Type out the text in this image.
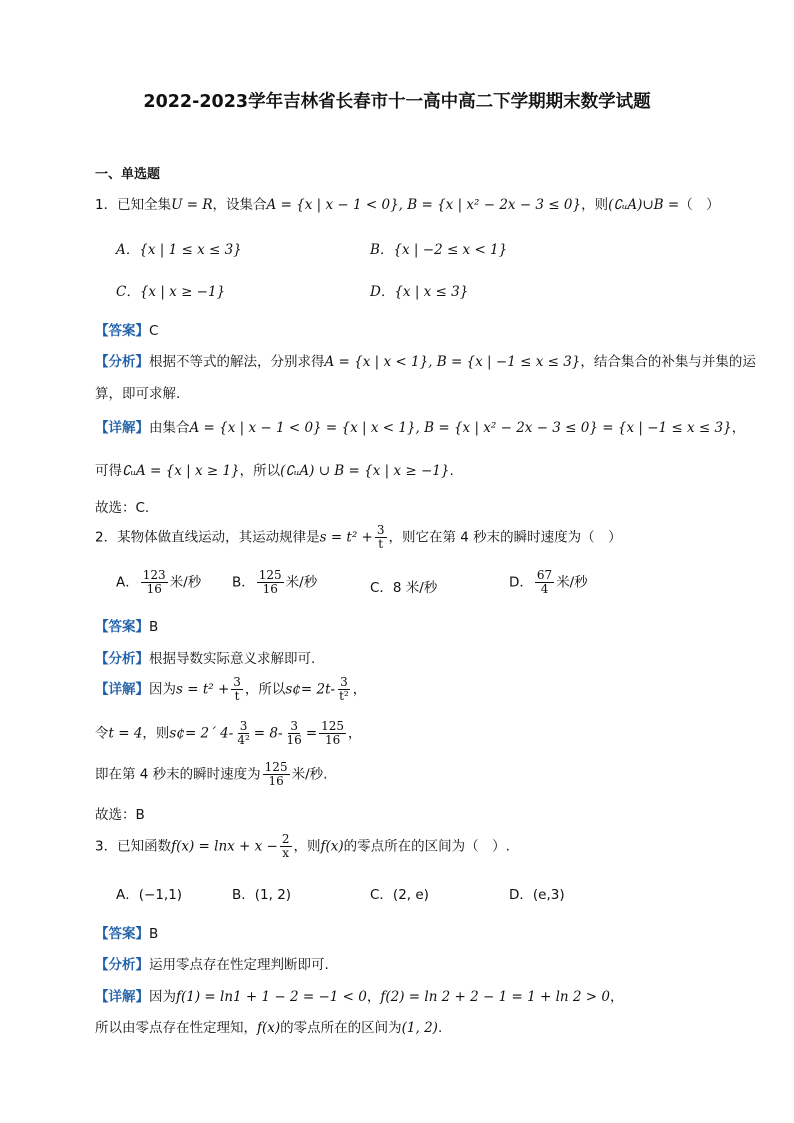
2022-2023学年吉林省长春市十一高中高二下学期期末数学试题
一、单选题
1．已知全集U = R，设集合A = {x | x − 1 < 0}, B = {x | x² − 2x − 3 ≤ 0}，则(∁ᵤA)∪B =（　）
A．{x | 1 ≤ x ≤ 3}	B．{x | −2 ≤ x < 1}
C．{x | x ≥ −1}	D．{x | x ≤ 3}
【答案】C
【分析】根据不等式的解法，分别求得A = {x | x < 1}, B = {x | −1 ≤ x ≤ 3}，结合集合的补集与并集的运
算，即可求解.
【详解】由集合A = {x | x − 1 < 0} = {x | x < 1}, B = {x | x² − 2x − 3 ≤ 0} = {x | −1 ≤ x ≤ 3}，
可得∁ᵤA = {x | x ≥ 1}，所以(∁ᵤA) ∪ B = {x | x ≥ −1}.
故选：C.
2．某物体做直线运动，其运动规律是$s = t^2 + \frac{3}{t}$ ，则它在第 4 秒末的瞬时速度为（　）
A． $\frac{123}{16}$ 米/秒 B． $\frac{125}{16}$ 米/秒	C．8 米/秒	D． $\frac{67}{4}$ 米/秒
【答案】B
【分析】根据导数实际意义求解即可.
【详解】因为$s = t^2 + \frac{3}{t}$ ，所以s¢= $2t- \frac{3}{\text{t²}}$ ，
令t = 4，则s¢= 2´ $4- \frac{3}{\text{4²}} = 8- \frac{3}{16} = \frac{125}{16}$ ，
即在第 4 秒末的瞬时速度为 $\frac{125}{16}$ 米/秒.
故选：B
3．已知函数$f(x) = \ln x + x - \frac{2}{x}$ ，则f(x)的零点所在的区间为（　）.
A．(−1,1)	B．(1, 2)	C．(2, e)	D．(e,3)
【答案】B
【分析】运用零点存在性定理判断即可.
【详解】因为f(1) = ln1 + 1 − 2 = −1 < 0，f(2) = ln 2 + 2 − 1 = 1 + ln 2 > 0，
所以由零点存在性定理知，f(x)的零点所在的区间为(1, 2).
